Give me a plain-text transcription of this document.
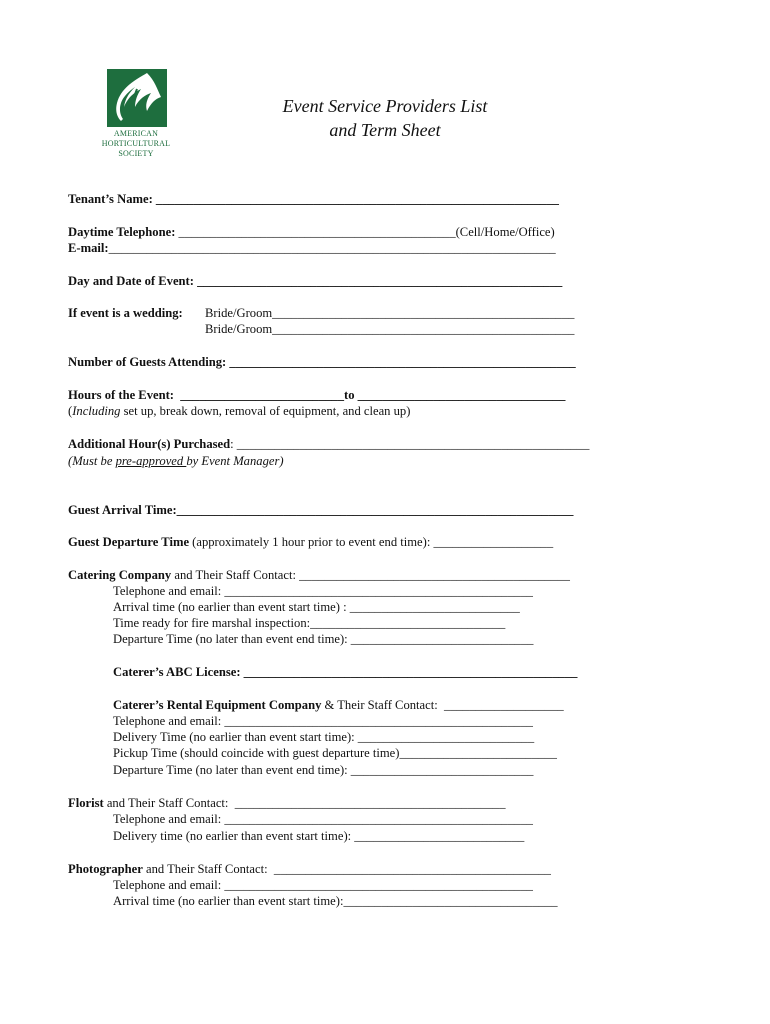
AMERICAN
HORTICULTURAL
SOCIETY
Event Service Providers List
and Term Sheet
Tenant’s Name: ________________________________________________________________
Daytime Telephone: ____________________________________________(Cell/Home/Office)
E-mail:_______________________________________________________________________
Day and Date of Event: __________________________________________________________
If event is a wedding: Bride/Groom________________________________________________
Bride/Groom________________________________________________
Number of Guests Attending: _______________________________________________________
Hours of the Event:  __________________________to _________________________________
(Including set up, break down, removal of equipment, and clean up)
Additional Hour(s) Purchased: ________________________________________________________
(Must be pre-approved by Event Manager)
Guest Arrival Time:_______________________________________________________________
Guest Departure Time (approximately 1 hour prior to event end time): ___________________
Catering Company and Their Staff Contact: ___________________________________________
Telephone and email: _________________________________________________
Arrival time (no earlier than event start time) : ___________________________
Time ready for fire marshal inspection:_______________________________
Departure Time (no later than event end time): _____________________________
Caterer’s ABC License: _____________________________________________________
Caterer’s Rental Equipment Company & Their Staff Contact:  ___________________
Telephone and email: _________________________________________________
Delivery Time (no earlier than event start time): ____________________________
Pickup Time (should coincide with guest departure time)_________________________
Departure Time (no later than event end time): _____________________________
Florist and Their Staff Contact:  ___________________________________________
Telephone and email: _________________________________________________
Delivery time (no earlier than event start time): ___________________________
Photographer and Their Staff Contact:  ____________________________________________
Telephone and email: _________________________________________________
Arrival time (no earlier than event start time):__________________________________
